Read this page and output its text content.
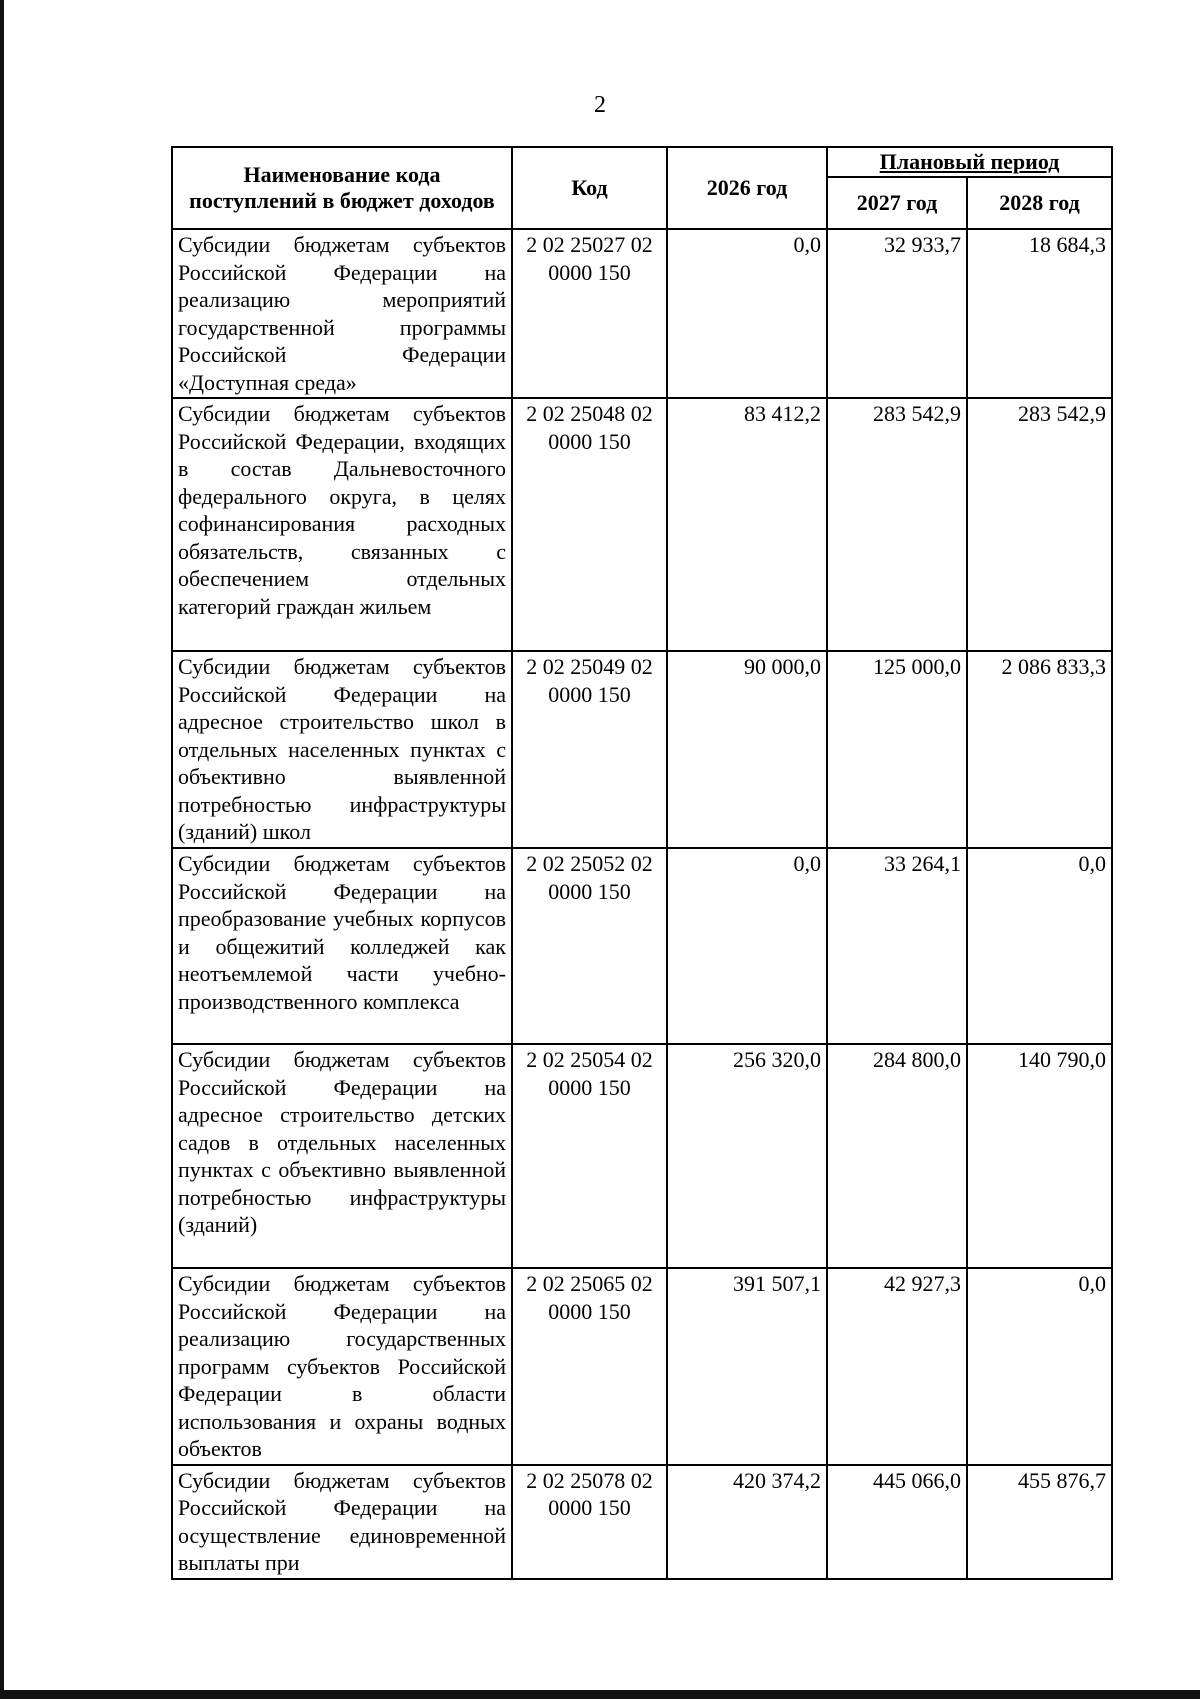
2
Наименование кода поступлений в бюджет доходов	Код	2026 год	Плановый период	
			2027 год	2028 год
Субсидии бюджетам субъектов Российской Федерации на реализацию мероприятий государственной программы Российской Федерации «Доступная среда»	2 02 25027 02 0000 150	0,0	32 933,7	18 684,3
Субсидии бюджетам субъектов Российской Федерации, входящих в состав Дальневосточного федерального округа, в целях софинансирования расходных обязательств, связанных с обеспечением отдельных категорий граждан жильем	2 02 25048 02 0000 150	83 412,2	283 542,9	283 542,9
Субсидии бюджетам субъектов Российской Федерации на адресное строительство школ в отдельных населенных пунктах с объективно выявленной потребностью инфраструктуры (зданий) школ	2 02 25049 02 0000 150	90 000,0	125 000,0	2 086 833,3
Субсидии бюджетам субъектов Российской Федерации на преобразование учебных корпусов и общежитий колледжей как неотъемлемой части учебно-производственного комплекса	2 02 25052 02 0000 150	0,0	33 264,1	0,0
Субсидии бюджетам субъектов Российской Федерации на адресное строительство детских садов в отдельных населенных пунктах с объективно выявленной потребностью инфраструктуры (зданий)	2 02 25054 02 0000 150	256 320,0	284 800,0	140 790,0
Субсидии бюджетам субъектов Российской Федерации на реализацию государственных программ субъектов Российской Федерации в области использования и охраны водных объектов	2 02 25065 02 0000 150	391 507,1	42 927,3	0,0
Субсидии бюджетам субъектов Российской Федерации на осуществление единовременной выплаты при	2 02 25078 02 0000 150	420 374,2	445 066,0	455 876,7
